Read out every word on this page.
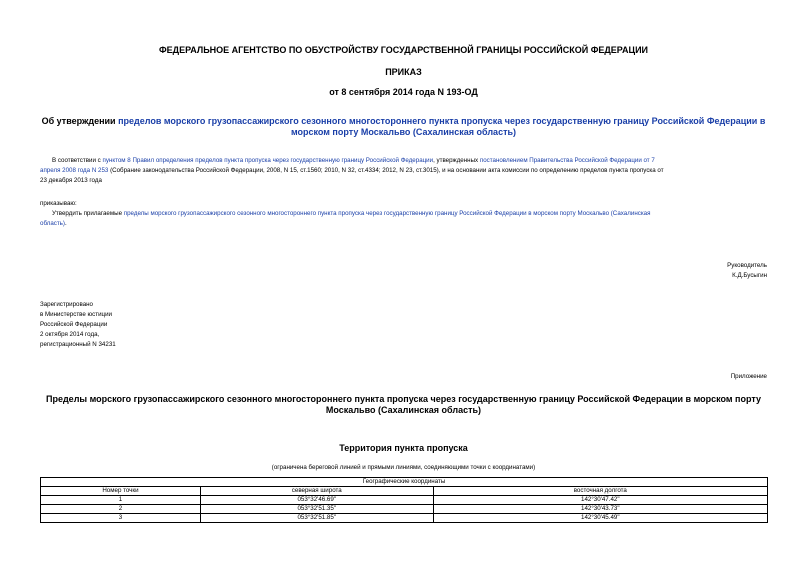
ФЕДЕРАЛЬНОЕ АГЕНТСТВО ПО ОБУСТРОЙСТВУ ГОСУДАРСТВЕННОЙ ГРАНИЦЫ РОССИЙСКОЙ ФЕДЕРАЦИИ
ПРИКАЗ
от 8 сентября 2014 года N 193-ОД
Об утверждении пределов морского грузопассажирского сезонного многостороннего пункта пропуска через государственную границу Российской Федерации в
морском порту Москальво (Сахалинская область)
В соответствии с пунктом 8 Правил определения пределов пункта пропуска через государственную границу Российской Федерации, утвержденных постановлением Правительства Российской Федерации от 7
апреля 2008 года N 253 (Собрание законодательства Российской Федерации, 2008, N 15, ст.1560; 2010, N 32, ст.4334; 2012, N 23, ст.3015), и на основании акта комиссии по определению пределов пункта пропуска от
23 декабря 2013 года
приказываю:
Утвердить прилагаемые пределы морского грузопассажирского сезонного многостороннего пункта пропуска через государственную границу Российской Федерации в морском порту Москальво (Сахалинская
область).
Руководитель
К.Д.Бусыгин
Зарегистрировано
в Министерстве юстиции
Российской Федерации
2 октября 2014 года,
регистрационный N 34231
Приложение
Пределы морского грузопассажирского сезонного многостороннего пункта пропуска через государственную границу Российской Федерации в морском порту
Москальво (Сахалинская область)
Территория пункта пропуска
(ограничена береговой линией и прямыми линиями, соединяющими точки с координатами)
Географические координаты		
Номер точки	северная широта	восточная долгота
1	053°32'46.69"	142°30'47.42"
2	053°32'51.35"	142°30'43.73"
3	053°32'51.85"	142°30'45.49"
